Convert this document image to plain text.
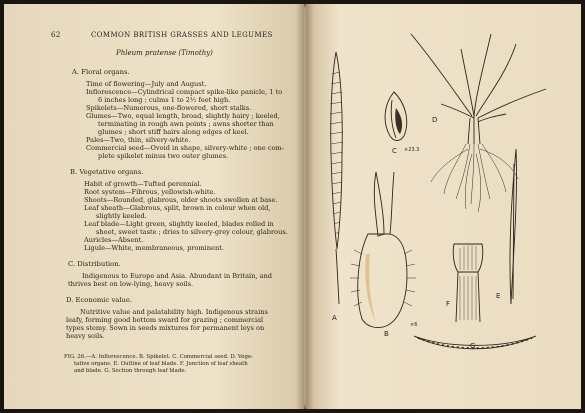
62	COMMON BRITISH GRASSES AND LEGUMES
Phleum pratense (Timothy)
A. Floral organs.
Time of flowering—July and August.
Inflorescence—Cylindrical compact spike-like panicle, 1 to
6 inches long ; culms 1 to 2½ feet high.
Spikelets—Numerous, one-flowered, short stalks.
Glumes—Two, equal length, broad, slightly hairy ; keeled,
terminating in rough awn points ; awns shorter than
glumes ; short stiff hairs along edges of keel.
Pales—Two, thin, silvery-white.
Commercial seed—Ovoid in shape, silvery-white ; one com-
plete spikelet minus two outer glumes.
B. Vegetative organs.
Habit of growth—Tufted perennial.
Root system—Fibrous, yellowish-white.
Shoots—Rounded, glabrous, older shoots swollen at base.
Leaf sheath—Glabrous, split, brown in colour when old,
slightly keeled.
Leaf blade—Light green, slightly keeled, blades rolled in
shoot, sweet taste ; dries to silvery-grey colour, glabrous.
Auricles—Absent.
Ligule—White, membraneous, prominent.
C. Distribution.
Indigenous to Europe and Asia. Abundant in Britain, and
thrives best on low-lying, heavy soils.
D. Economic value.
Nutritive value and palatability high. Indigenous strains
leafy, forming good bottom sward for grazing ; commercial
types stemy. Sown in seeds mixtures for permanent leys on
heavy soils.
FIG. 26.—A. Inflorescence. B. Spikelet. C. Commercial seed. D. Vege-
tative organs. E. Outline of leaf blade. F. Junction of leaf sheath
and blade. G. Section through leaf blade.
A
B
C ×23.3
×6
D
E
F
G
